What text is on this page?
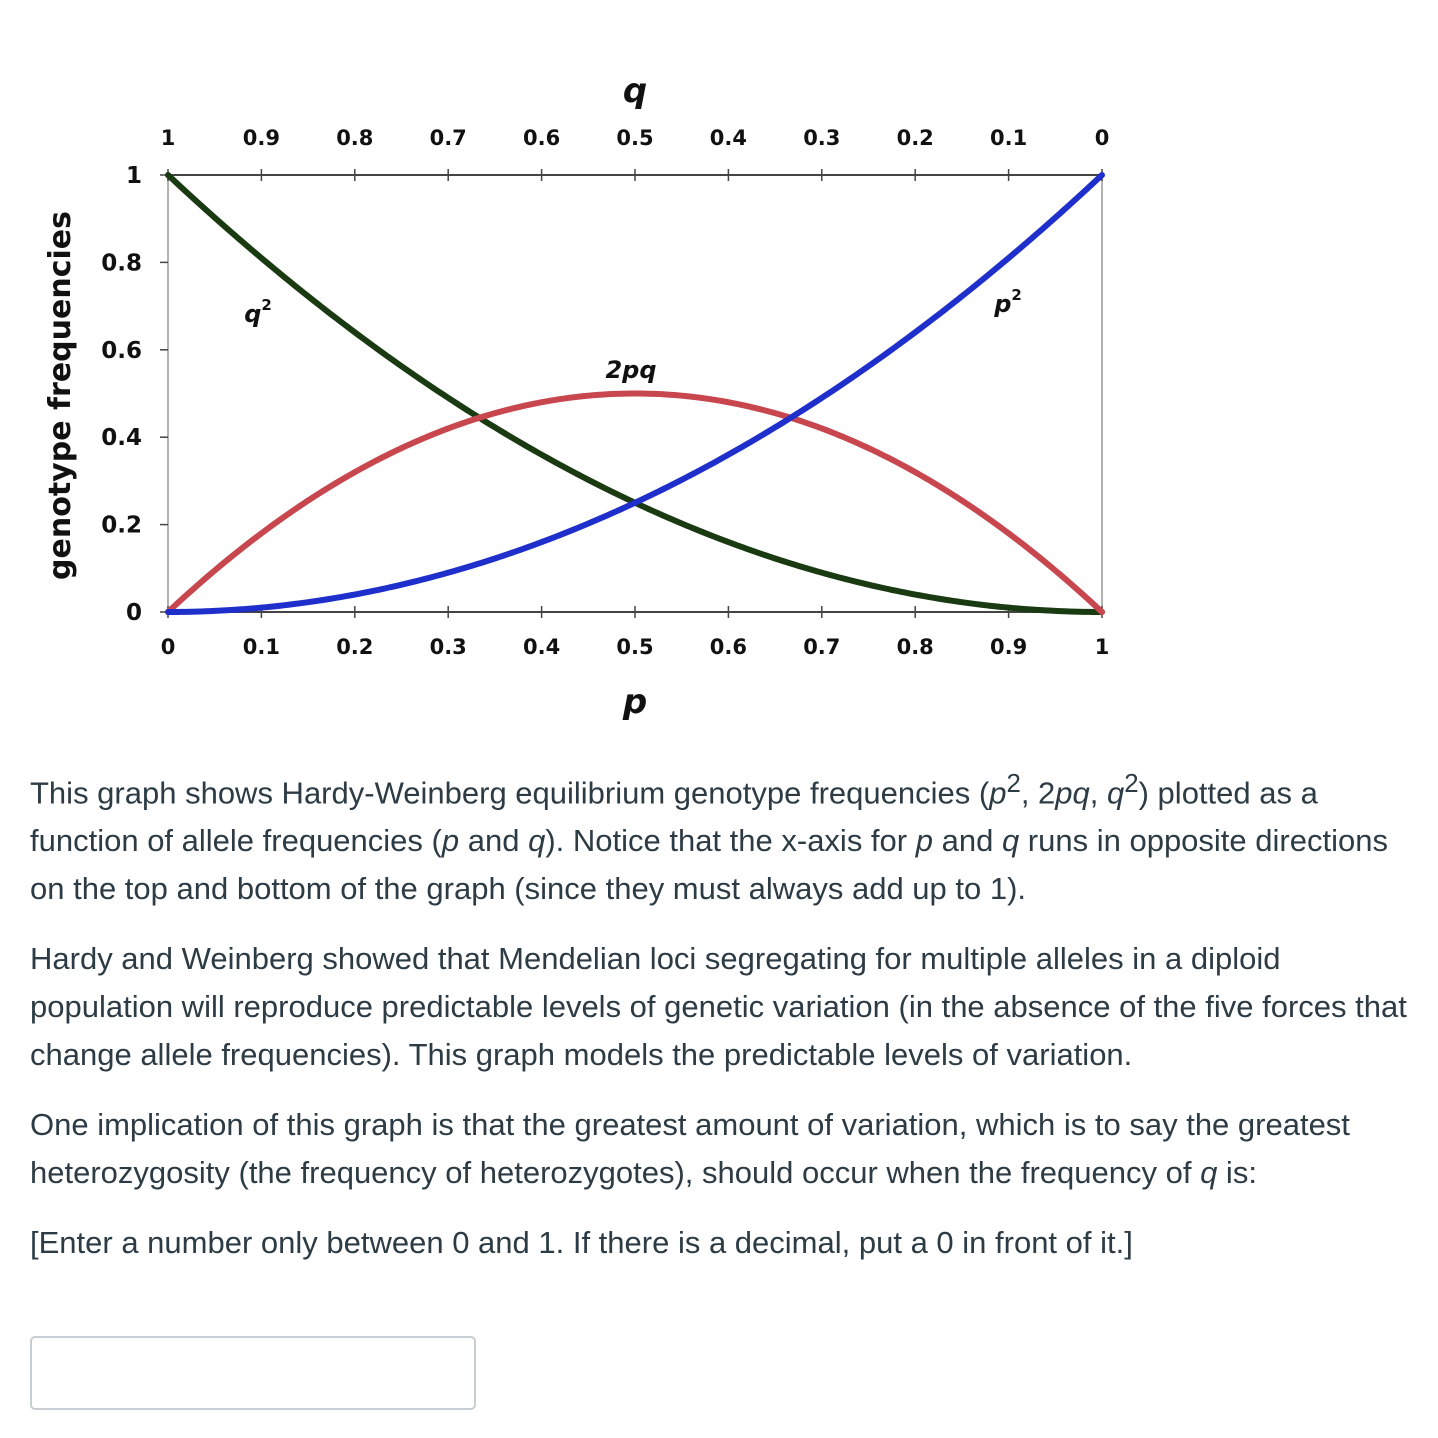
0	0.1	0.2	0.3	0.4	0.5	0.6	0.7	0.8	0.9	1
1	0.9	0.8	0.7	0.6	0.5	0.4	0.3	0.2	0.1	0
0
0.2
0.4
0.6
0.8
1
p
q
genotype frequencies	$q^2$
2pq
$p^2$

This graph shows Hardy-Weinberg equilibrium genotype frequencies ($p^2$, 2pq, $q^2$) plotted as a function of allele frequencies (p and q). Notice that the x-axis for p and q runs in opposite directions on the top and bottom of the graph (since they must always add up to 1).

Hardy and Weinberg showed that Mendelian loci segregating for multiple alleles in a diploid population will reproduce predictable levels of genetic variation (in the absence of the five forces that change allele frequencies). This graph models the predictable levels of variation.

One implication of this graph is that the greatest amount of variation, which is to say the greatest heterozygosity (the frequency of heterozygotes), should occur when the frequency of q is:

[Enter a number only between 0 and 1. If there is a decimal, put a 0 in front of it.]
